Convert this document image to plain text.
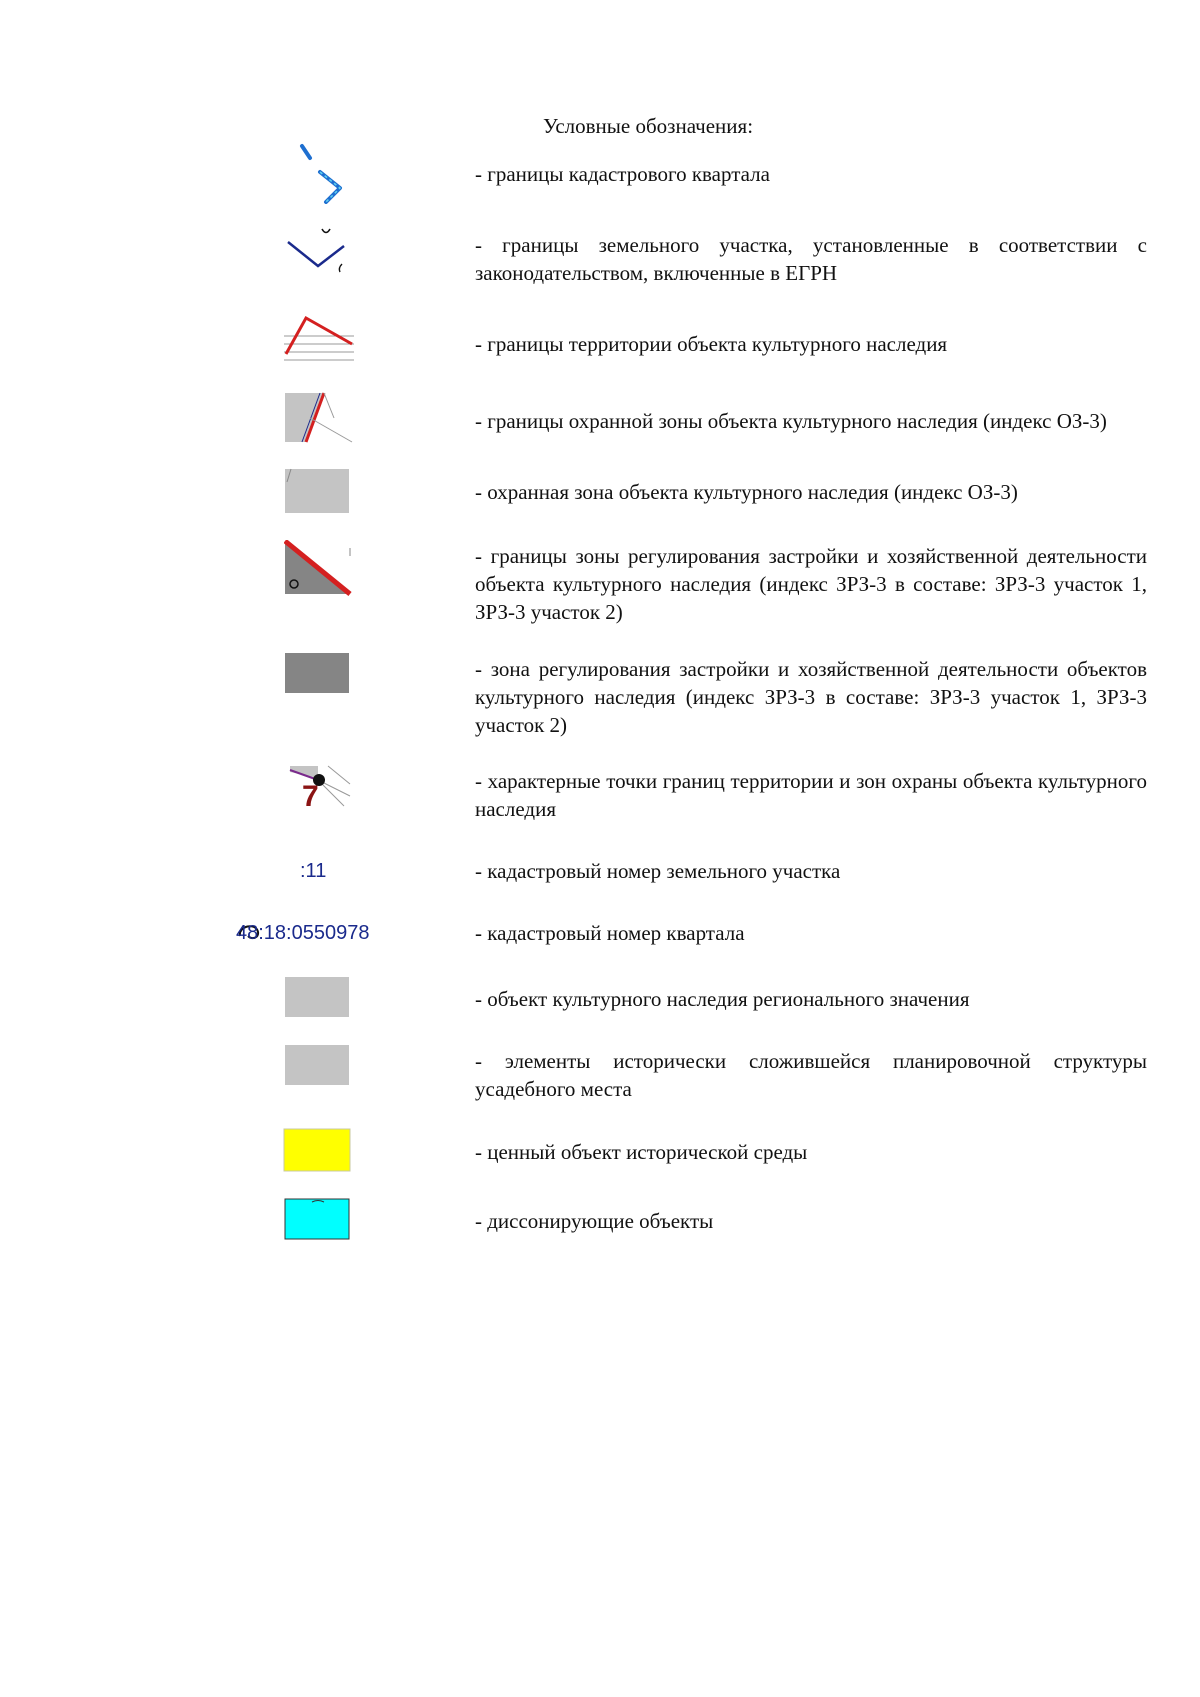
Условные обозначения:
- границы кадастрового квартала
- границы земельного участка, установленные в соответствии с законодательством, включенные в ЕГРН
- границы территории объекта культурного наследия
- границы охранной зоны объекта культурного наследия (индекс ОЗ-3)
- охранная зона объекта культурного наследия (индекс ОЗ-3)
- границы зоны регулирования застройки и хозяйственной деятельности объекта культурного наследия (индекс ЗРЗ-3 в составе: ЗРЗ-3 участок 1, ЗРЗ-3 участок 2)
- зона регулирования застройки и хозяйственной деятельности объектов культурного наследия (индекс ЗРЗ-3 в составе: ЗРЗ-3 участок 1, ЗРЗ-3 участок 2)
7	- характерные точки границ территории и зон охраны объекта культурного наследия
:11	- кадастровый номер земельного участка
48:18:0550978	- кадастровый номер квартала
- объект культурного наследия регионального значения
- элементы исторически сложившейся планировочной структуры усадебного места
- ценный объект исторической среды
- диссонирующие объекты
